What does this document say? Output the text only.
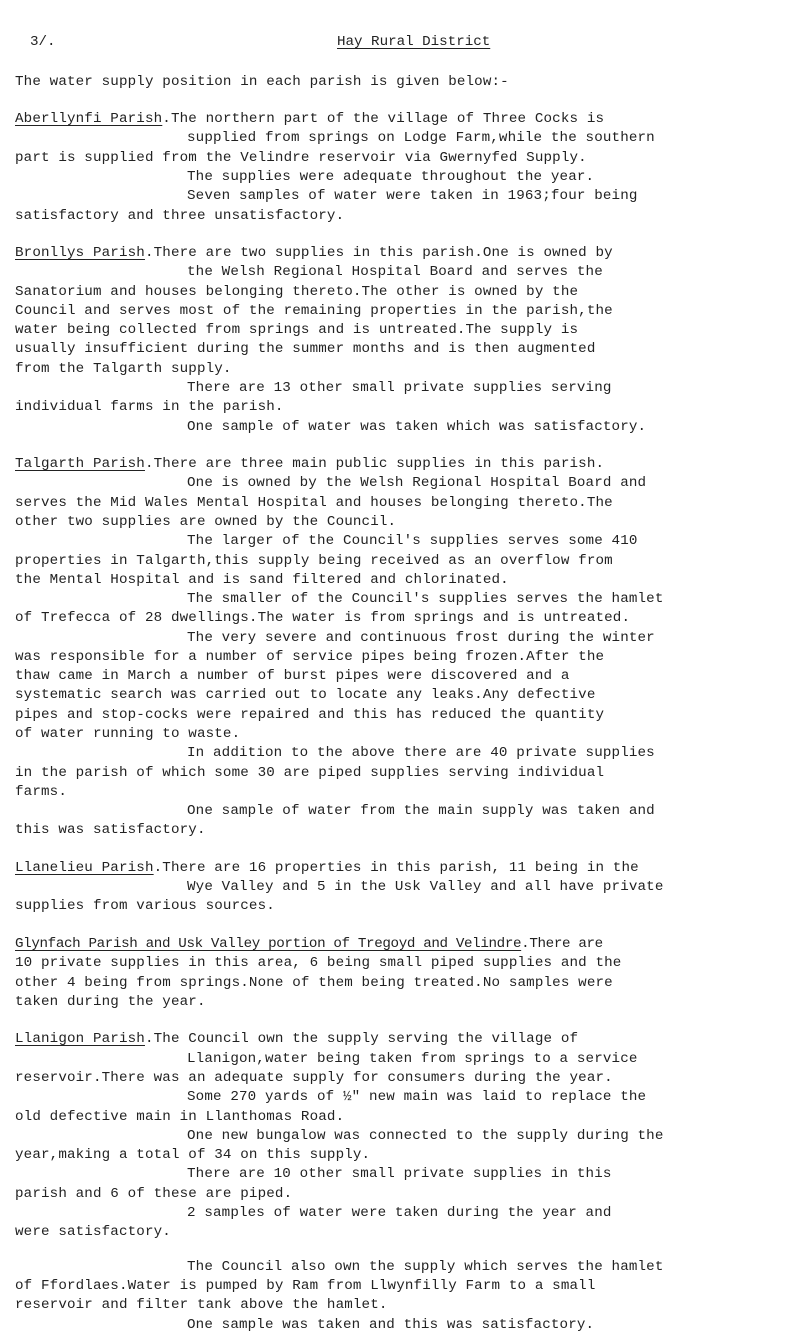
3/.	Hay Rural District
The water supply position in each parish is given below:-
Aberllynfi Parish.The northern part of the village of Three Cocks is
supplied from springs on Lodge Farm,while the southern
part is supplied from the Velindre reservoir via Gwernyfed Supply.
The supplies were adequate throughout the year.
Seven samples of water were taken in 1963;four being
satisfactory and three unsatisfactory.
Bronllys Parish.There are two supplies in this parish.One is owned by
the Welsh Regional Hospital Board and serves the
Sanatorium and houses belonging thereto.The other is owned by the
Council and serves most of the remaining properties in the parish,the
water being collected from springs and is untreated.The supply is
usually insufficient during the summer months and is then augmented
from the Talgarth supply.
There are 13 other small private supplies serving
individual farms in the parish.
One sample of water was taken which was satisfactory.
Talgarth Parish.There are three main public supplies in this parish.
One is owned by the Welsh Regional Hospital Board and
serves the Mid Wales Mental Hospital and houses belonging thereto.The
other two supplies are owned by the Council.
The larger of the Council's supplies serves some 410
properties in Talgarth,this supply being received as an overflow from
the Mental Hospital and is sand filtered and chlorinated.
The smaller of the Council's supplies serves the hamlet
of Trefecca of 28 dwellings.The water is from springs and is untreated.
The very severe and continuous frost during the winter
was responsible for a number of service pipes being frozen.After the
thaw came in March a number of burst pipes were discovered and a
systematic search was carried out to locate any leaks.Any defective
pipes and stop-cocks were repaired and this has reduced the quantity
of water running to waste.
In addition to the above there are 40 private supplies
in the parish of which some 30 are piped supplies serving individual
farms.
One sample of water from the main supply was taken and
this was satisfactory.
Llanelieu Parish.There are 16 properties in this parish, 11 being in the
Wye Valley and 5 in the Usk Valley and all have private
supplies from various sources.
Glynfach Parish and Usk Valley portion of Tregoyd and Velindre.There are
10 private supplies in this area, 6 being small piped supplies and the
other 4 being from springs.None of them being treated.No samples were
taken during the year.
Llanigon Parish.The Council own the supply serving the village of
Llanigon,water being taken from springs to a service
reservoir.There was an adequate supply for consumers during the year.
Some 270 yards of ½" new main was laid to replace the
old defective main in Llanthomas Road.
One new bungalow was connected to the supply during the
year,making a total of 34 on this supply.
There are 10 other small private supplies in this
parish and 6 of these are piped.
2 samples of water were taken during the year and
were satisfactory.
The Council also own the supply which serves the hamlet
of Ffordlaes.Water is pumped by Ram from Llwynfilly Farm to a small
reservoir and filter tank above the hamlet.
One sample was taken and this was satisfactory.
